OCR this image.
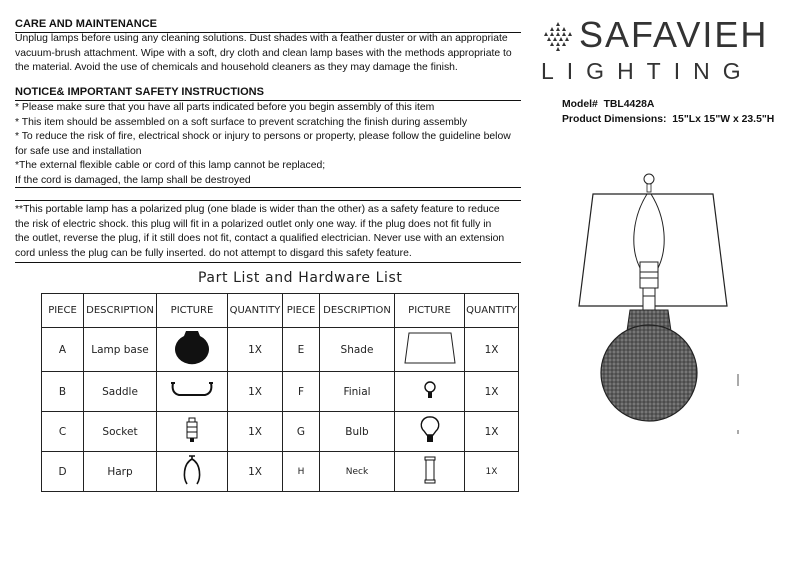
CARE AND MAINTENANCE
Unplug lamps before using any cleaning solutions. Dust shades with a feather duster or with an appropriate
vacuum-brush attachment. Wipe with a soft, dry cloth and clean lamp bases with the methods appropriate to
the material. Avoid the use of chemicals and household cleaners as they may damage the finish.
NOTICE& IMPORTANT SAFETY INSTRUCTIONS
* Please make sure that you have all parts indicated before you begin assembly of this item
* This item should be assembled on a soft surface to prevent scratching the finish during assembly
* To reduce the risk of fire, electrical shock or injury to persons or property, please follow the guideline below
for safe use and installation
*The external flexible cable or cord of this lamp cannot be replaced;
If the cord is damaged, the lamp shall be destroyed
**This portable lamp has a polarized plug (one blade is wider than the other) as a safety feature to reduce
the risk of electric shock. this plug will fit in a polarized outlet only one way. if the plug does not fit fully in
the outlet, reverse the plug, if it still does not fit, contact a qualified electrician. Never use with an extension
cord unless the plug can be fully inserted. do not attempt to disgard this safety feature.
SAFAVIEH
LIGHTING
Model# TBL4428A
Product Dimensions: 15"Lx 15"W x 23.5"H
Part List and Hardware List
PIECE	DESCRIPTION	PICTURE	QUANTITY	PIECE	DESCRIPTION	PICTURE	QUANTITY
A	Lamp base		1X	E	Shade		1X
B	Saddle		1X	F	Finial		1X
C	Socket		1X	G	Bulb		1X
D	Harp		1X	H	Neck		1X
